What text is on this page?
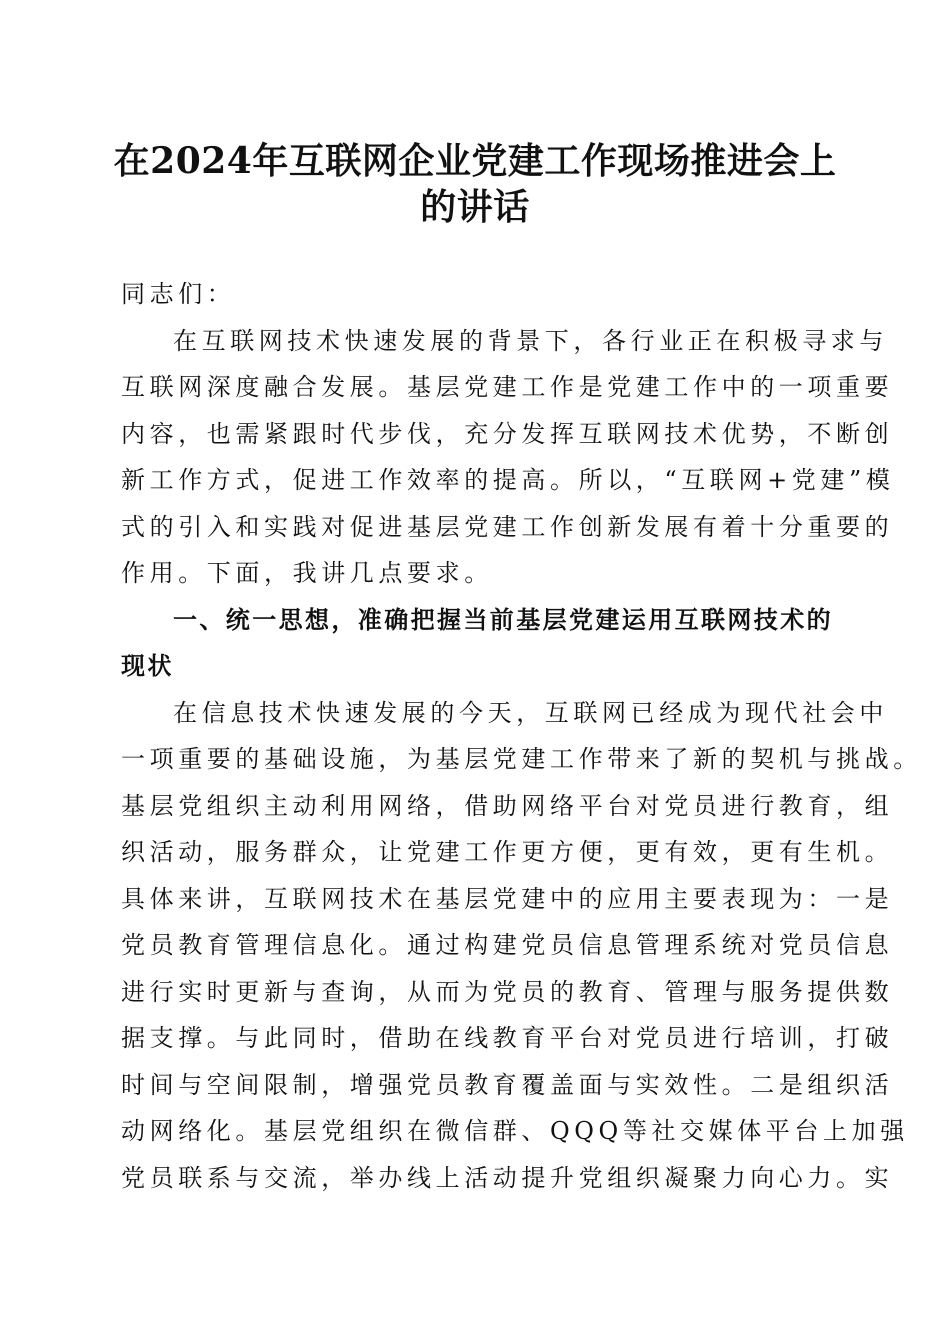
在2024年互联网企业党建工作现场推进会上
的讲话
同志们：
在互联网技术快速发展的背景下，各行业正在积极寻求与
互联网深度融合发展。基层党建工作是党建工作中的一项重要
内容，也需紧跟时代步伐，充分发挥互联网技术优势，不断创
新工作方式，促进工作效率的提高。所以，“互联网+党建”模
式的引入和实践对促进基层党建工作创新发展有着十分重要的
作用。下面，我讲几点要求。
一、统一思想，准确把握当前基层党建运用互联网技术的
现状
在信息技术快速发展的今天，互联网已经成为现代社会中
一项重要的基础设施，为基层党建工作带来了新的契机与挑战。
基层党组织主动利用网络，借助网络平台对党员进行教育，组
织活动，服务群众，让党建工作更方便，更有效，更有生机。
具体来讲，互联网技术在基层党建中的应用主要表现为：一是
党员教育管理信息化。通过构建党员信息管理系统对党员信息
进行实时更新与查询，从而为党员的教育、管理与服务提供数
据支撑。与此同时，借助在线教育平台对党员进行培训，打破
时间与空间限制，增强党员教育覆盖面与实效性。二是组织活
动网络化。基层党组织在微信群、QQQ等社交媒体平台上加强
党员联系与交流，举办线上活动提升党组织凝聚力向心力。实
